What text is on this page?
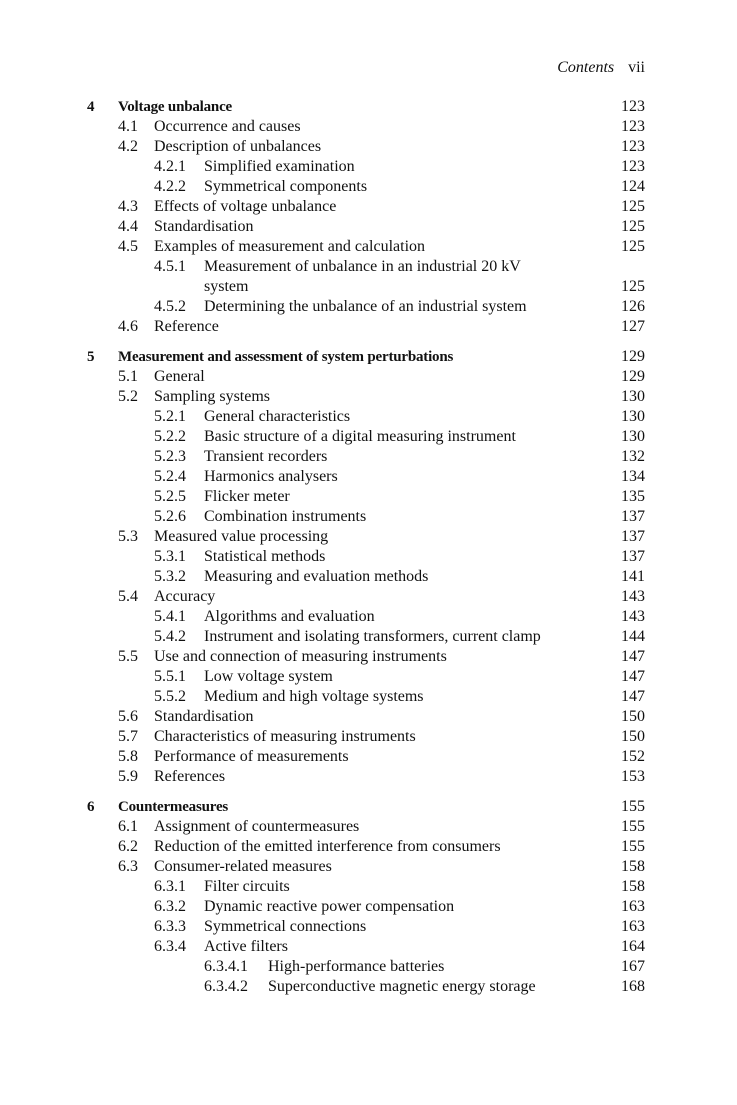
Contents vii
4 Voltage unbalance	123
4.1 Occurrence and causes	123
4.2 Description of unbalances	123
4.2.1 Simplified examination	123
4.2.2 Symmetrical components	124
4.3 Effects of voltage unbalance	125
4.4 Standardisation	125
4.5 Examples of measurement and calculation	125
4.5.1 Measurement of unbalance in an industrial 20 kV
system	125
4.5.2 Determining the unbalance of an industrial system	126
4.6 Reference	127
5 Measurement and assessment of system perturbations	129
5.1 General	129
5.2 Sampling systems	130
5.2.1 General characteristics	130
5.2.2 Basic structure of a digital measuring instrument	130
5.2.3 Transient recorders	132
5.2.4 Harmonics analysers	134
5.2.5 Flicker meter	135
5.2.6 Combination instruments	137
5.3 Measured value processing	137
5.3.1 Statistical methods	137
5.3.2 Measuring and evaluation methods	141
5.4 Accuracy	143
5.4.1 Algorithms and evaluation	143
5.4.2 Instrument and isolating transformers, current clamp	144
5.5 Use and connection of measuring instruments	147
5.5.1 Low voltage system	147
5.5.2 Medium and high voltage systems	147
5.6 Standardisation	150
5.7 Characteristics of measuring instruments	150
5.8 Performance of measurements	152
5.9 References	153
6 Countermeasures	155
6.1 Assignment of countermeasures	155
6.2 Reduction of the emitted interference from consumers	155
6.3 Consumer-related measures	158
6.3.1 Filter circuits	158
6.3.2 Dynamic reactive power compensation	163
6.3.3 Symmetrical connections	163
6.3.4 Active filters	164
6.3.4.1 High-performance batteries	167
6.3.4.2 Superconductive magnetic energy storage	168
